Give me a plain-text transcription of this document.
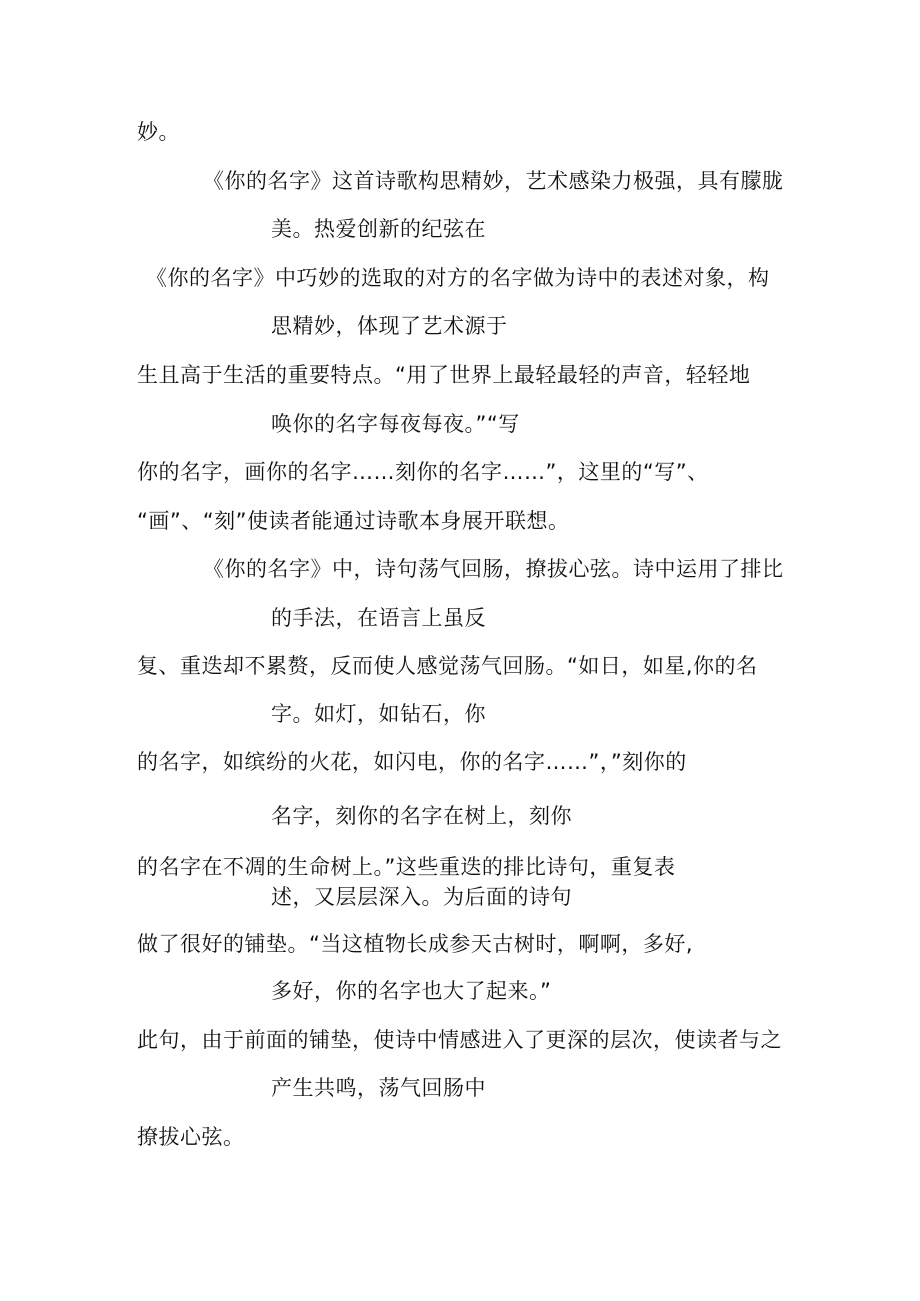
妙。
《你的名字》这首诗歌构思精妙，艺术感染力极强，具有朦胧
美。热爱创新的纪弦在
《你的名字》中巧妙的选取的对方的名字做为诗中的表述对象，构
思精妙，体现了艺术源于
生且高于生活的重要特点。“用了世界上最轻最轻的声音，轻轻地
唤你的名字每夜每夜。”“写
你的名字，画你的名字……刻你的名字……”，这里的“写”、
“画”、“刻”使读者能通过诗歌本身展开联想。
《你的名字》中，诗句荡气回肠，撩拔心弦。诗中运用了排比
的手法，在语言上虽反
复、重迭却不累赘，反而使人感觉荡气回肠。“如日，如星,你的名
字。如灯，如钻石，你
的名字，如缤纷的火花，如闪电，你的名字……”，”刻你的
名字，刻你的名字在树上，刻你
的名字在不凋的生命树上。”这些重迭的排比诗句，重复表
述，又层层深入。为后面的诗句
做了很好的铺垫。“当这植物长成参天古树时，啊啊，多好,
多好，你的名字也大了起来。”
此句，由于前面的铺垫，使诗中情感进入了更深的层次，使读者与之
产生共鸣，荡气回肠中
撩拔心弦。
